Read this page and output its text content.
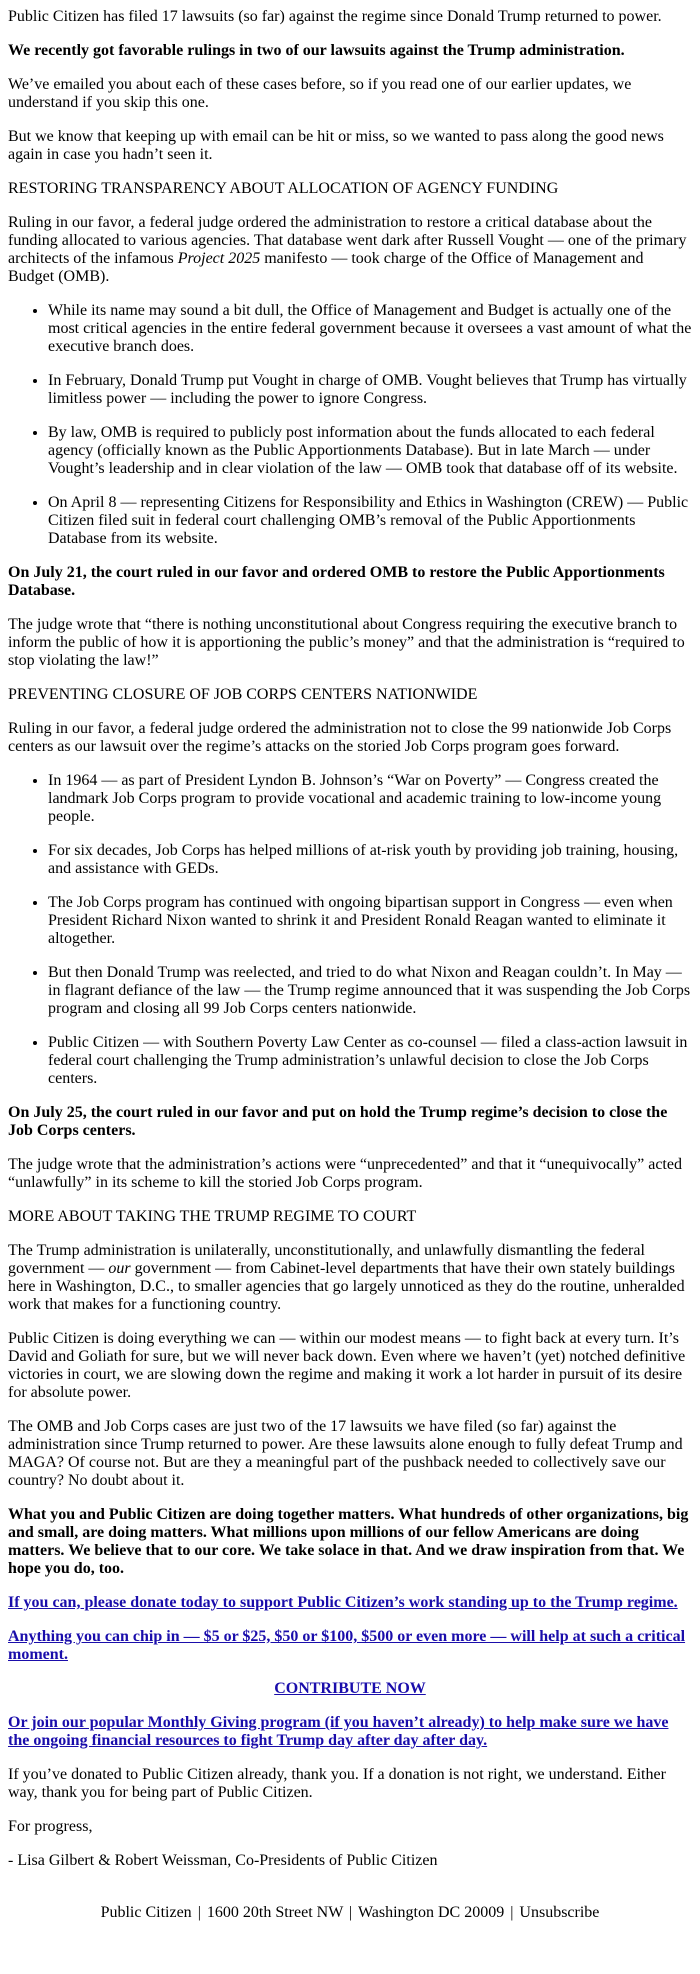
Public Citizen has filed 17 lawsuits (so far) against the regime since Donald Trump returned to power.

We recently got favorable rulings in two of our lawsuits against the Trump administration.

We’ve emailed you about each of these cases before, so if you read one of our earlier updates, we understand if you skip this one.

But we know that keeping up with email can be hit or miss, so we wanted to pass along the good news again in case you hadn’t seen it.

RESTORING TRANSPARENCY ABOUT ALLOCATION OF AGENCY FUNDING

Ruling in our favor, a federal judge ordered the administration to restore a critical database about the funding allocated to various agencies. That database went dark after Russell Vought — one of the primary architects of the infamous Project 2025 manifesto — took charge of the Office of Management and Budget (OMB).

• While its name may sound a bit dull, the Office of Management and Budget is actually one of the most critical agencies in the entire federal government because it oversees a vast amount of what the executive branch does.
• In February, Donald Trump put Vought in charge of OMB. Vought believes that Trump has virtually limitless power — including the power to ignore Congress.
• By law, OMB is required to publicly post information about the funds allocated to each federal agency (officially known as the Public Apportionments Database). But in late March — under Vought’s leadership and in clear violation of the law — OMB took that database off of its website.
• On April 8 — representing Citizens for Responsibility and Ethics in Washington (CREW) — Public Citizen filed suit in federal court challenging OMB’s removal of the Public Apportionments Database from its website.

On July 21, the court ruled in our favor and ordered OMB to restore the Public Apportionments Database.

The judge wrote that “there is nothing unconstitutional about Congress requiring the executive branch to inform the public of how it is apportioning the public’s money” and that the administration is “required to stop violating the law!”

PREVENTING CLOSURE OF JOB CORPS CENTERS NATIONWIDE

Ruling in our favor, a federal judge ordered the administration not to close the 99 nationwide Job Corps centers as our lawsuit over the regime’s attacks on the storied Job Corps program goes forward.

• In 1964 — as part of President Lyndon B. Johnson’s “War on Poverty” — Congress created the landmark Job Corps program to provide vocational and academic training to low-income young people.
• For six decades, Job Corps has helped millions of at-risk youth by providing job training, housing, and assistance with GEDs.
• The Job Corps program has continued with ongoing bipartisan support in Congress — even when President Richard Nixon wanted to shrink it and President Ronald Reagan wanted to eliminate it altogether.
• But then Donald Trump was reelected, and tried to do what Nixon and Reagan couldn’t. In May — in flagrant defiance of the law — the Trump regime announced that it was suspending the Job Corps program and closing all 99 Job Corps centers nationwide.
• Public Citizen — with Southern Poverty Law Center as co-counsel — filed a class-action lawsuit in federal court challenging the Trump administration’s unlawful decision to close the Job Corps centers.

On July 25, the court ruled in our favor and put on hold the Trump regime’s decision to close the Job Corps centers.

The judge wrote that the administration’s actions were “unprecedented” and that it “unequivocally” acted “unlawfully” in its scheme to kill the storied Job Corps program.

MORE ABOUT TAKING THE TRUMP REGIME TO COURT

The Trump administration is unilaterally, unconstitutionally, and unlawfully dismantling the federal government — our government — from Cabinet-level departments that have their own stately buildings here in Washington, D.C., to smaller agencies that go largely unnoticed as they do the routine, unheralded work that makes for a functioning country.

Public Citizen is doing everything we can — within our modest means — to fight back at every turn. It’s David and Goliath for sure, but we will never back down. Even where we haven’t (yet) notched definitive victories in court, we are slowing down the regime and making it work a lot harder in pursuit of its desire for absolute power.

The OMB and Job Corps cases are just two of the 17 lawsuits we have filed (so far) against the administration since Trump returned to power. Are these lawsuits alone enough to fully defeat Trump and MAGA? Of course not. But are they a meaningful part of the pushback needed to collectively save our country? No doubt about it.

What you and Public Citizen are doing together matters. What hundreds of other organizations, big and small, are doing matters. What millions upon millions of our fellow Americans are doing matters. We believe that to our core. We take solace in that. And we draw inspiration from that. We hope you do, too.

If you can, please donate today to support Public Citizen’s work standing up to the Trump regime.

Anything you can chip in — $5 or $25, $50 or $100, $500 or even more — will help at such a critical moment.

CONTRIBUTE NOW

Or join our popular Monthly Giving program (if you haven’t already) to help make sure we have the ongoing financial resources to fight Trump day after day after day.

If you’ve donated to Public Citizen already, thank you. If a donation is not right, we understand. Either way, thank you for being part of Public Citizen.

For progress,

- Lisa Gilbert & Robert Weissman, Co-Presidents of Public Citizen

Public Citizen | 1600 20th Street NW | Washington DC 20009 | Unsubscribe
